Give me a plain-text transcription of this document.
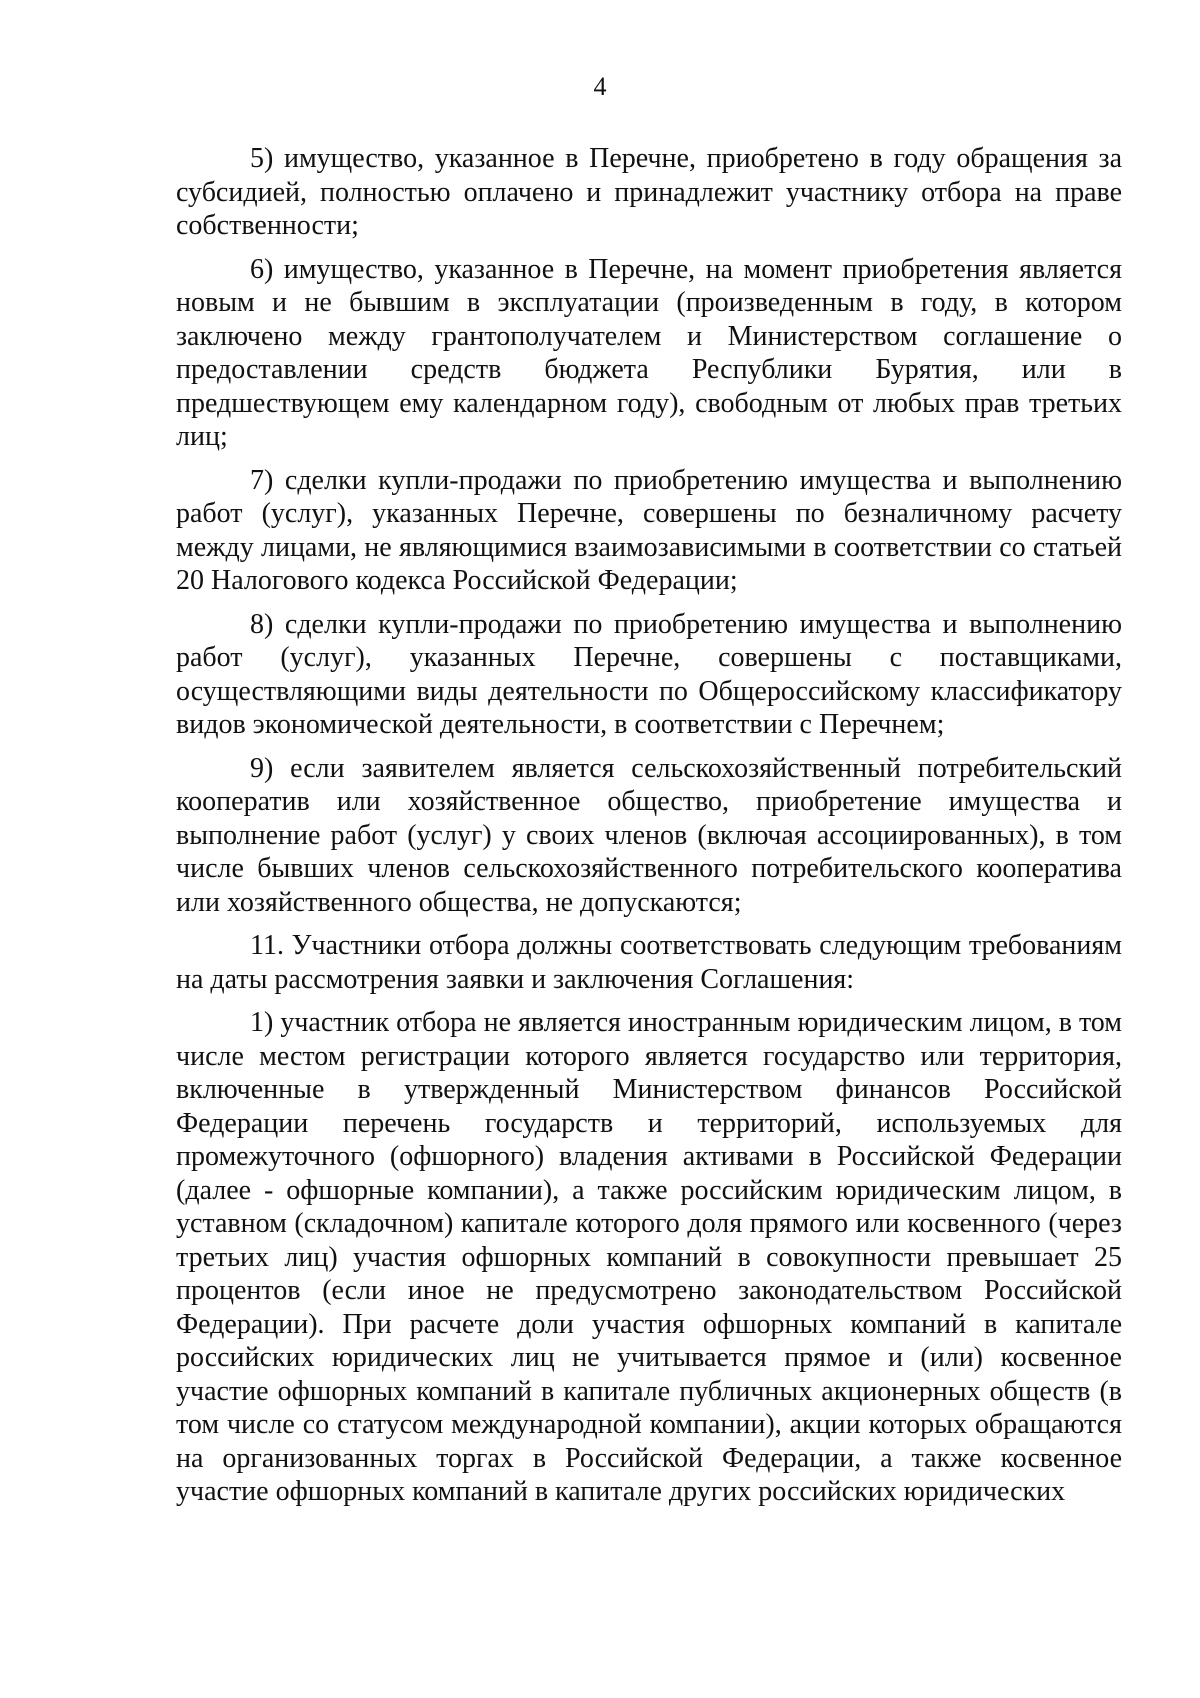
4

5) имущество, указанное в Перечне, приобретено в году обращения за субсидией, полностью оплачено и принадлежит участнику отбора на праве собственности;

6) имущество, указанное в Перечне, на момент приобретения является новым и не бывшим в эксплуатации (произведенным в году, в котором заключено между грантополучателем и Министерством соглашение о предоставлении средств бюджета Республики Бурятия, или в предшествующем ему календарном году), свободным от любых прав третьих лиц;

7) сделки купли-продажи по приобретению имущества и выполнению работ (услуг), указанных Перечне, совершены по безналичному расчету между лицами, не являющимися взаимозависимыми в соответствии со статьей 20 Налогового кодекса Российской Федерации;

8) сделки купли-продажи по приобретению имущества и выполнению работ (услуг), указанных Перечне, совершены с поставщиками, осуществляющими виды деятельности по Общероссийскому классификатору видов экономической деятельности, в соответствии с Перечнем;

9) если заявителем является сельскохозяйственный потребительский кооператив или хозяйственное общество, приобретение имущества и выполнение работ (услуг) у своих членов (включая ассоциированных), в том числе бывших членов сельскохозяйственного потребительского кооператива или хозяйственного общества, не допускаются;

11. Участники отбора должны соответствовать следующим требованиям на даты рассмотрения заявки и заключения Соглашения:

1) участник отбора не является иностранным юридическим лицом, в том числе местом регистрации которого является государство или территория, включенные в утвержденный Министерством финансов Российской Федерации перечень государств и территорий, используемых для промежуточного (офшорного) владения активами в Российской Федерации (далее - офшорные компании), а также российским юридическим лицом, в уставном (складочном) капитале которого доля прямого или косвенного (через третьих лиц) участия офшорных компаний в совокупности превышает 25 процентов (если иное не предусмотрено законодательством Российской Федерации). При расчете доли участия офшорных компаний в капитале российских юридических лиц не учитывается прямое и (или) косвенное участие офшорных компаний в капитале публичных акционерных обществ (в том числе со статусом международной компании), акции которых обращаются на организованных торгах в Российской Федерации, а также косвенное участие офшорных компаний в капитале других российских юридических
